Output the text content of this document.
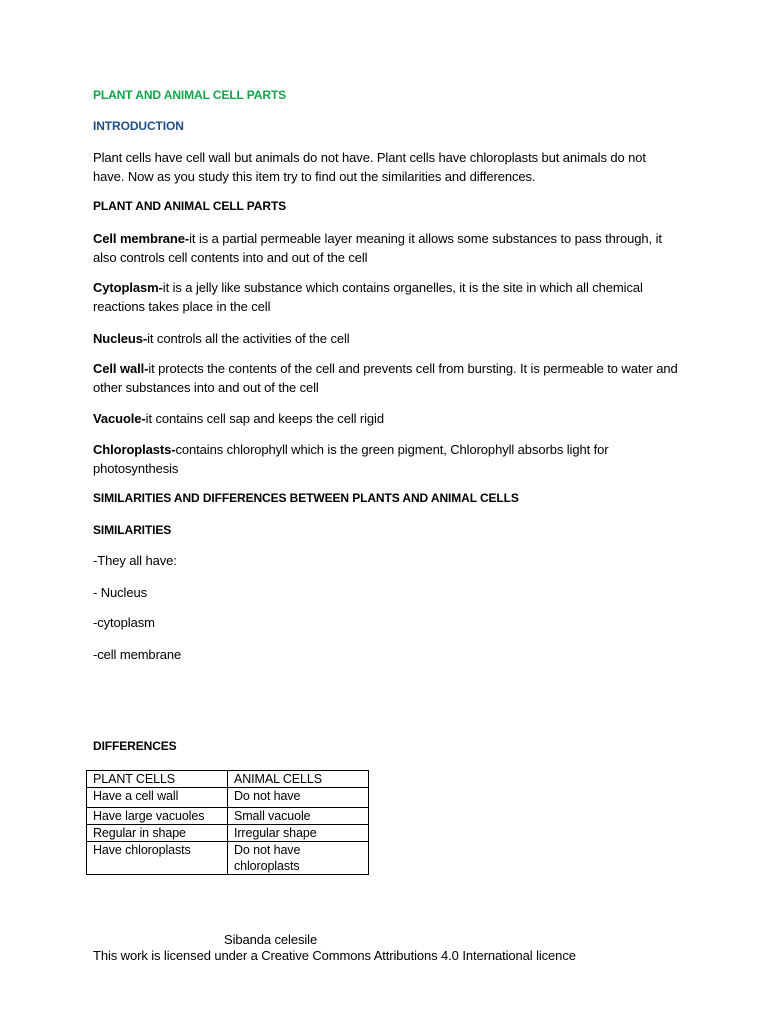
PLANT AND ANIMAL CELL PARTS
INTRODUCTION
Plant cells have cell wall but animals do not have. Plant cells have chloroplasts but animals do not have. Now as you study this item try to find out the similarities and differences.
PLANT AND ANIMAL CELL PARTS
Cell membrane-it is a partial permeable layer meaning it allows some substances to pass through, it also controls cell contents into and out of the cell
Cytoplasm-it is a jelly like substance which contains organelles, it is the site in which all chemical reactions takes place in the cell
Nucleus-it controls all the activities of the cell
Cell wall-it protects the contents of the cell and prevents cell from bursting. It is permeable to water and other substances into and out of the cell
Vacuole-it contains cell sap and keeps the cell rigid
Chloroplasts-contains chlorophyll which is the green pigment, Chlorophyll absorbs light for photosynthesis
SIMILARITIES AND DIFFERENCES BETWEEN PLANTS AND ANIMAL CELLS
SIMILARITIES
-They all have:
- Nucleus
-cytoplasm
-cell membrane
DIFFERENCES
PLANT CELLS	ANIMAL CELLS
Have a cell wall	Do not have
Have large vacuoles	Small vacuole
Regular in shape	Irregular shape
Have chloroplasts	Do not have chloroplasts
Sibanda celesile
This work is licensed under a Creative Commons Attributions 4.0 International licence
